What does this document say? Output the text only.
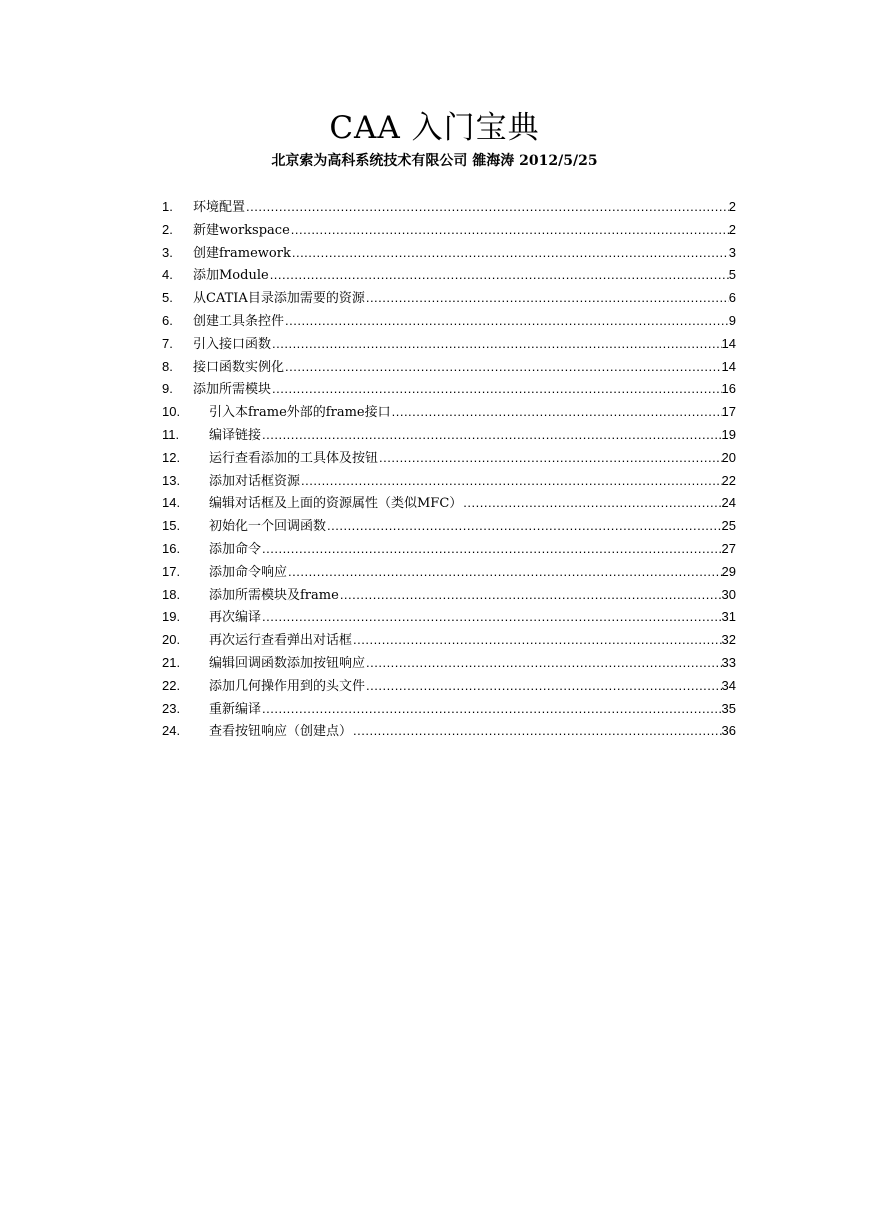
CAA 入门宝典

北京索为高科系统技术有限公司 雒海涛 2012/5/25

1.	环境配置 .....	2
2.	新建workspace .....	2
3.	创建framework .....	3
4.	添加Module .....	5
5.	从CATIA目录添加需要的资源 .....	6
6.	创建工具条控件 .....	9
7.	引入接口函数 .....	14
8.	接口函数实例化 .....	14
9.	添加所需模块 .....	16
10.	引入本frame外部的frame接口 .....	17
11.	编译链接 .....	19
12.	运行查看添加的工具体及按钮 .....	20
13.	添加对话框资源 .....	22
14.	编辑对话框及上面的资源属性（类似MFC） .....	24
15.	初始化一个回调函数 .....	25
16.	添加命令 .....	27
17.	添加命令响应 .....	29
18.	添加所需模块及frame .....	30
19.	再次编译 .....	31
20.	再次运行查看弹出对话框 .....	32
21.	编辑回调函数添加按钮响应 .....	33
22.	添加几何操作用到的头文件 .....	34
23.	重新编译 .....	35
24.	查看按钮响应（创建点） .....	36
